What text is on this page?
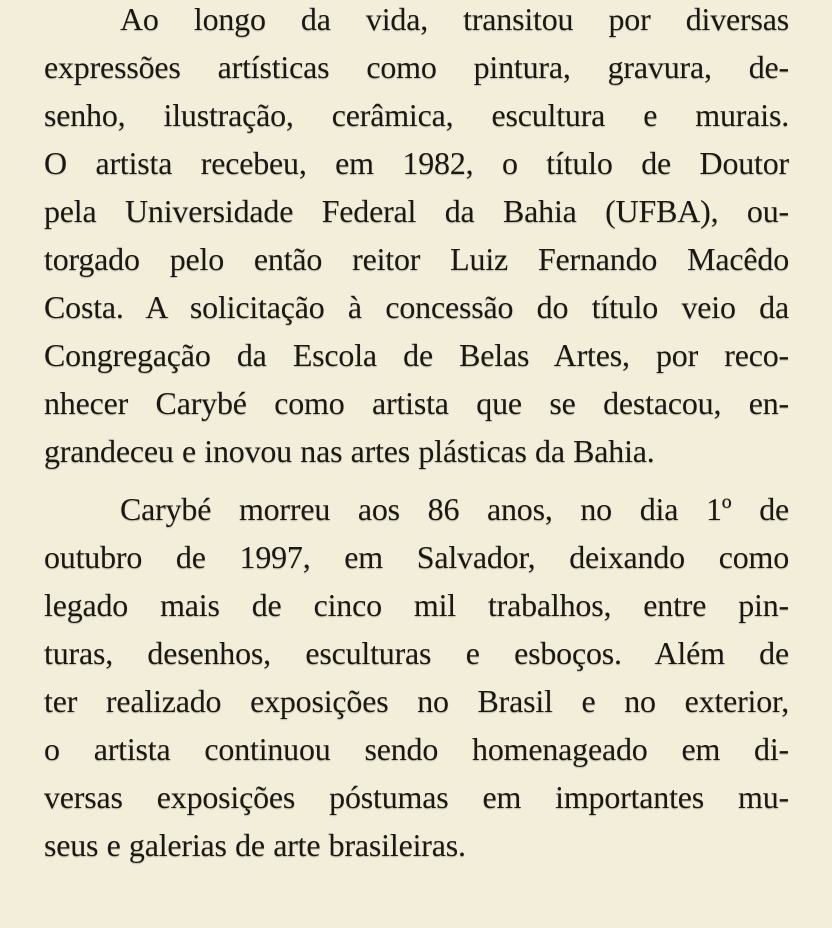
Ao longo da vida, transitou por diversas
expressões artísticas como pintura, gravura, de-
senho, ilustração, cerâmica, escultura e murais.
O artista recebeu, em 1982, o título de Doutor
pela Universidade Federal da Bahia (UFBA), ou-
torgado pelo então reitor Luiz Fernando Macêdo
Costa. A solicitação à concessão do título veio da
Congregação da Escola de Belas Artes, por reco-
nhecer Carybé como artista que se destacou, en-
grandeceu e inovou nas artes plásticas da Bahia.

Carybé morreu aos 86 anos, no dia 1º de
outubro de 1997, em Salvador, deixando como
legado mais de cinco mil trabalhos, entre pin-
turas, desenhos, esculturas e esboços. Além de
ter realizado exposições no Brasil e no exterior,
o artista continuou sendo homenageado em di-
versas exposições póstumas em importantes mu-
seus e galerias de arte brasileiras.
